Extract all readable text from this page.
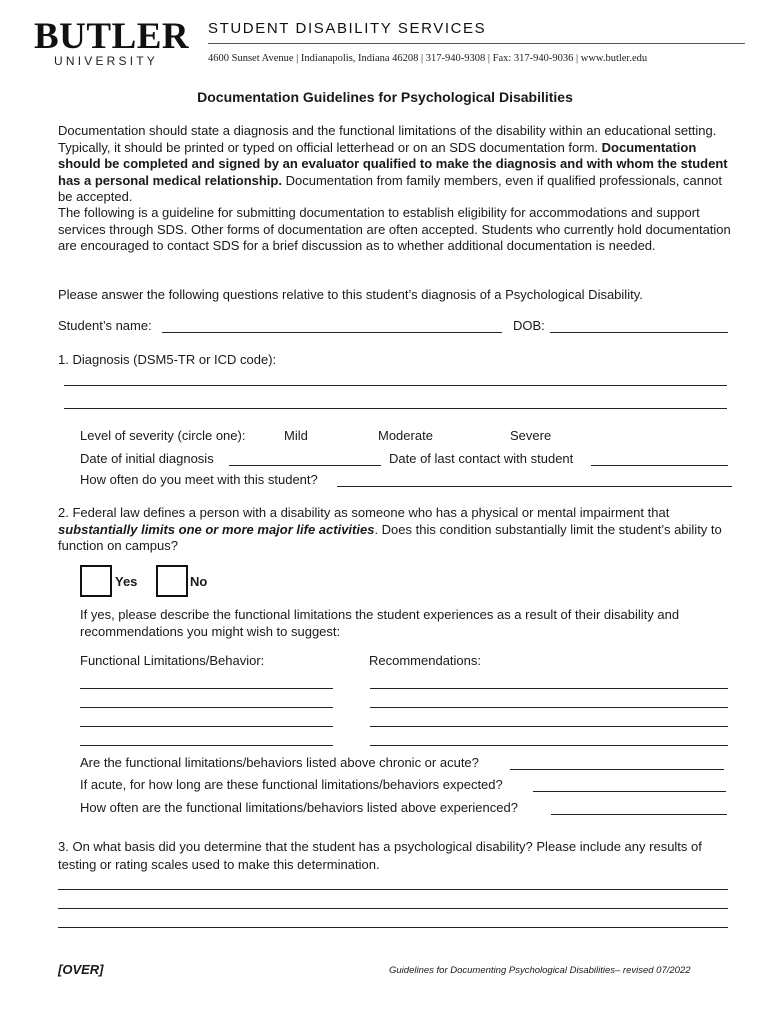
BUTLER
UNIVERSITY
STUDENT DISABILITY SERVICES
4600 Sunset Avenue | Indianapolis, Indiana 46208 | 317-940-9308 | Fax: 317-940-9036 | www.butler.edu
Documentation Guidelines for Psychological Disabilities

Documentation should state a diagnosis and the functional limitations of the disability within an educational setting. Typically, it should be printed or typed on official letterhead or on an SDS documentation form. Documentation should be completed and signed by an evaluator qualified to make the diagnosis and with whom the student has a personal medical relationship. Documentation from family members, even if qualified professionals, cannot be accepted.

The following is a guideline for submitting documentation to establish eligibility for accommodations and support services through SDS. Other forms of documentation are often accepted. Students who currently hold documentation are encouraged to contact SDS for a brief discussion as to whether additional documentation is needed.
Please answer the following questions relative to this student’s diagnosis of a Psychological Disability.
Student’s name:	DOB:
1. Diagnosis (DSM5-TR or ICD code):
Level of severity (circle one):	Mild	Moderate	Severe
Date of initial diagnosis	Date of last contact with student
How often do you meet with this student?

2. Federal law defines a person with a disability as someone who has a physical or mental impairment that substantially limits one or more major life activities. Does this condition substantially limit the student’s ability to function on campus?

Yes	No
If yes, please describe the functional limitations the student experiences as a result of their disability and recommendations you might wish to suggest:
Functional Limitations/Behavior:	Recommendations:
Are the functional limitations/behaviors listed above chronic or acute?
If acute, for how long are these functional limitations/behaviors expected?
How often are the functional limitations/behaviors listed above experienced?
3. On what basis did you determine that the student has a psychological disability? Please include any results of testing or rating scales used to make this determination.
[OVER]	Guidelines for Documenting Psychological Disabilities– revised 07/2022
